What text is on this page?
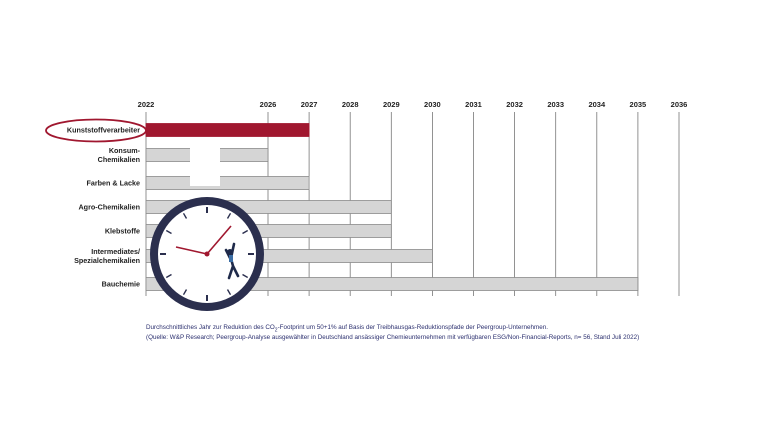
2022	2026	2027	2028	2029	2030	2031	2032	2033	2034	2035	2036
Kunststoffverarbeiter
Konsum-
Chemikalien
Farben & Lacke
Agro-Chemikalien
Klebstoffe
Intermediates/
Spezialchemikalien
Bauchemie
Durchschnittliches Jahr zur Reduktion des $CO_2$-Footprint um 50+1% auf Basis der Treibhausgas-Reduktionspfade der Peergroup-Unternehmen.
(Quelle: W&P Research; Peergroup-Analyse ausgewählter in Deutschland ansässiger Chemieunternehmen mit verfügbaren ESG/Non-Financial-Reports, n= 56, Stand Juli 2022)
